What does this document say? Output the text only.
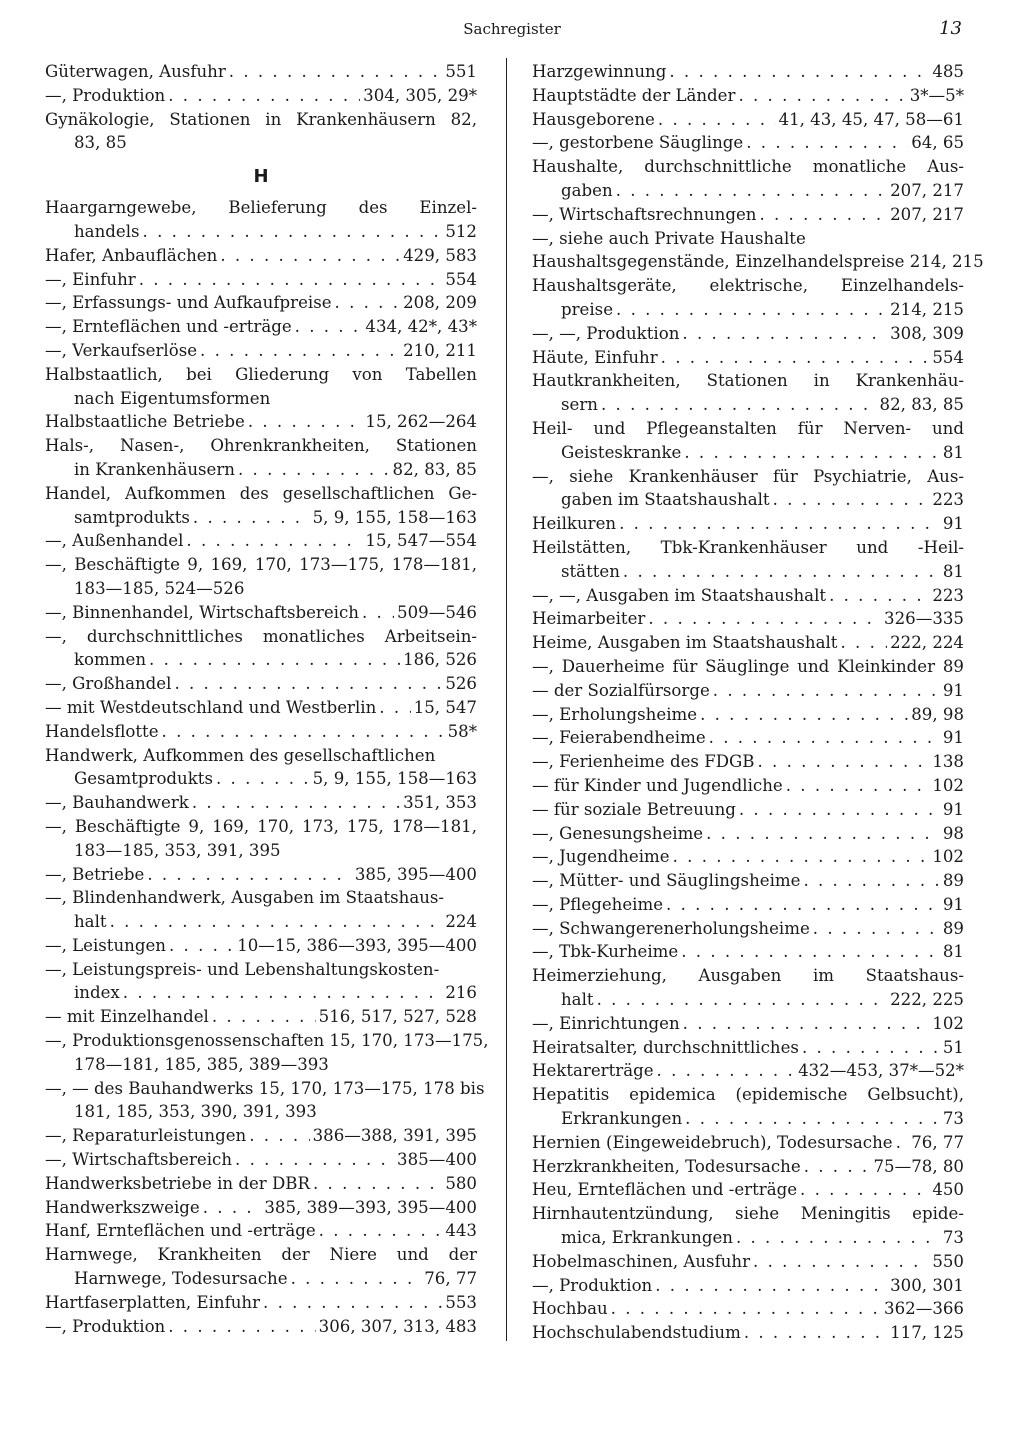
Sachregister	13
Güterwagen, Ausfuhr . . .	551
—, Produktion . . .	304, 305, 29*
Gynäkologie, Stationen in Krankenhäusern 82,
83, 85
H
Haargarngewebe, Belieferung des Einzel-
handels . . .	512
Hafer, Anbauflächen . . .	429, 583
—, Einfuhr . . .	554
—, Erfassungs- und Aufkaufpreise . . .	208, 209
—, Ernteflächen und -erträge . . .	434, 42*, 43*
—, Verkaufserlöse . . .	210, 211
Halbstaatlich, bei Gliederung von Tabellen
nach Eigentumsformen
Halbstaatliche Betriebe . . .	15, 262—264
Hals-, Nasen-, Ohrenkrankheiten, Stationen
in Krankenhäusern . . .	82, 83, 85
Handel, Aufkommen des gesellschaftlichen Ge-
samtprodukts . . .	5, 9, 155, 158—163
—, Außenhandel . . .	15, 547—554
—, Beschäftigte 9, 169, 170, 173—175, 178—181,
183—185, 524—526
—, Binnenhandel, Wirtschaftsbereich . . . 509—546
—, durchschnittliches monatliches Arbeitsein-
kommen . . .	186, 526
—, Großhandel . . .	526
— mit Westdeutschland und Westberlin . . . 15, 547
Handelsflotte . . .	58*
Handwerk, Aufkommen des gesellschaftlichen
Gesamtprodukts . . .	5, 9, 155, 158—163
—, Bauhandwerk . . .	351, 353
—, Beschäftigte 9, 169, 170, 173, 175, 178—181,
183—185, 353, 391, 395
—, Betriebe . . .	385, 395—400
—, Blindenhandwerk, Ausgaben im Staatshaus-
halt . . .	224
—, Leistungen . . .	10—15, 386—393, 395—400
—, Leistungspreis- und Lebenshaltungskosten-
index . . .	216
— mit Einzelhandel . . .	516, 517, 527, 528
—, Produktionsgenossenschaften 15, 170, 173—175,
178—181, 185, 385, 389—393
—, — des Bauhandwerks 15, 170, 173—175, 178 bis
181, 185, 353, 390, 391, 393
—, Reparaturleistungen . . .	386—388, 391, 395
—, Wirtschaftsbereich . . .	385—400
Handwerksbetriebe in der DBR . . .	580
Handwerkszweige . . .	385, 389—393, 395—400
Hanf, Ernteflächen und -erträge . . .	443
Harnwege, Krankheiten der Niere und der
Harnwege, Todesursache . . .	76, 77
Hartfaserplatten, Einfuhr . . .	553
—, Produktion . . .	306, 307, 313, 483
Harzgewinnung . . .	485
Hauptstädte der Länder . . .	3*—5*
Hausgeborene . . .	41, 43, 45, 47, 58—61
—, gestorbene Säuglinge . . .	64, 65
Haushalte, durchschnittliche monatliche Aus-
gaben . . .	207, 217
—, Wirtschaftsrechnungen . . .	207, 217
—, siehe auch Private Haushalte
Haushaltsgegenstände, Einzelhandelspreise 214, 215
Haushaltsgeräte, elektrische, Einzelhandels-
preise . . .	214, 215
—, —, Produktion . . .	308, 309
Häute, Einfuhr . . .	554
Hautkrankheiten, Stationen in Krankenhäu-
sern . . .	82, 83, 85
Heil- und Pflegeanstalten für Nerven- und
Geisteskranke . . .	81
—, siehe Krankenhäuser für Psychiatrie, Aus-
gaben im Staatshaushalt . . .	223
Heilkuren . . .	91
Heilstätten, Tbk-Krankenhäuser und -Heil-
stätten . . .	81
—, —, Ausgaben im Staatshaushalt . . .	223
Heimarbeiter . . .	326—335
Heime, Ausgaben im Staatshaushalt . . .	222, 224
—, Dauerheime für Säuglinge und Kleinkinder 89
— der Sozialfürsorge . . .	91
—, Erholungsheime . . .	89, 98
—, Feierabendheime . . .	91
—, Ferienheime des FDGB . . .	138
— für Kinder und Jugendliche . . .	102
— für soziale Betreuung . . .	91
—, Genesungsheime . . .	98
—, Jugendheime . . .	102
—, Mütter- und Säuglingsheime . . .	89
—, Pflegeheime . . .	91
—, Schwangerenerholungsheime . . .	89
—, Tbk-Kurheime . . .	81
Heimerziehung, Ausgaben im Staatshaus-
halt . . .	222, 225
—, Einrichtungen . . .	102
Heiratsalter, durchschnittliches . . .	51
Hektarerträge . . .	432—453, 37*—52*
Hepatitis epidemica (epidemische Gelbsucht),
Erkrankungen . . .	73
Hernien (Eingeweidebruch), Todesursache . . . 76, 77
Herzkrankheiten, Todesursache . . .	75—78, 80
Heu, Ernteflächen und -erträge . . .	450
Hirnhautentzündung, siehe Meningitis epide-
mica, Erkrankungen . . .	73
Hobelmaschinen, Ausfuhr . . .	550
—, Produktion . . .	300, 301
Hochbau . . .	362—366
Hochschulabendstudium . . .	117, 125
